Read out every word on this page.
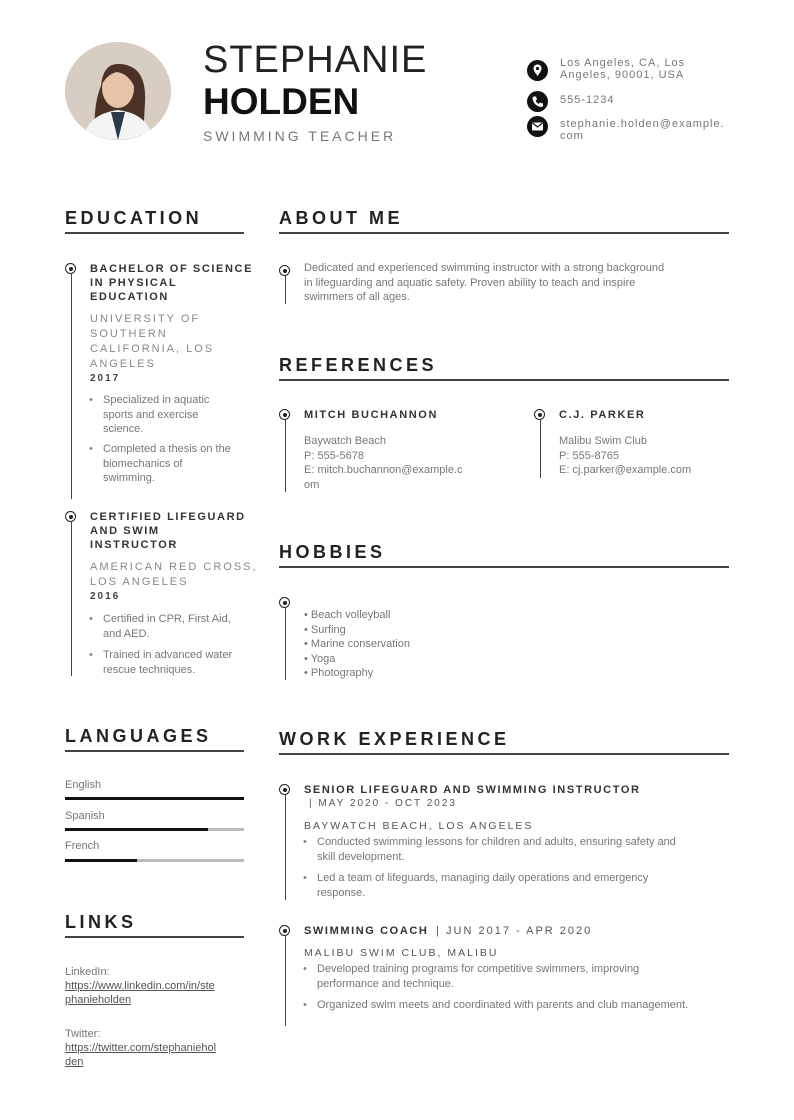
STEPHANIE
HOLDEN
SWIMMING TEACHER
Los Angeles, CA, Los
Angeles, 90001, USA
555-1234
stephanie.holden@example.
com
EDUCATION
BACHELOR OF SCIENCE
IN PHYSICAL
EDUCATION
UNIVERSITY OF
SOUTHERN
CALIFORNIA, LOS
ANGELES
2017
• Specialized in aquatic
sports and exercise
science.
• Completed a thesis on the
biomechanics of
swimming.
CERTIFIED LIFEGUARD
AND SWIM
INSTRUCTOR
AMERICAN RED CROSS,
LOS ANGELES
2016
• Certified in CPR, First Aid,
and AED.
• Trained in advanced water
rescue techniques.
ABOUT ME
Dedicated and experienced swimming instructor with a strong background
in lifeguarding and aquatic safety. Proven ability to teach and inspire
swimmers of all ages.
REFERENCES
MITCH BUCHANNON
Baywatch Beach
P: 555-5678
E: mitch.buchannon@example.c
om
C.J. PARKER
Malibu Swim Club
P: 555-8765
E: cj.parker@example.com
HOBBIES
• Beach volleyball
• Surfing
• Marine conservation
• Yoga
• Photography
LANGUAGES
English
Spanish
French
LINKS
LinkedIn:
https://www.linkedin.com/in/ste
phanieholden
Twitter:
https://twitter.com/stephaniehol
den
WORK EXPERIENCE
SENIOR LIFEGUARD AND SWIMMING INSTRUCTOR
| MAY 2020 - OCT 2023
BAYWATCH BEACH, LOS ANGELES
• Conducted swimming lessons for children and adults, ensuring safety and
skill development.
• Led a team of lifeguards, managing daily operations and emergency
response.
SWIMMING COACH | JUN 2017 - APR 2020
MALIBU SWIM CLUB, MALIBU
• Developed training programs for competitive swimmers, improving
performance and technique.
• Organized swim meets and coordinated with parents and club management.
